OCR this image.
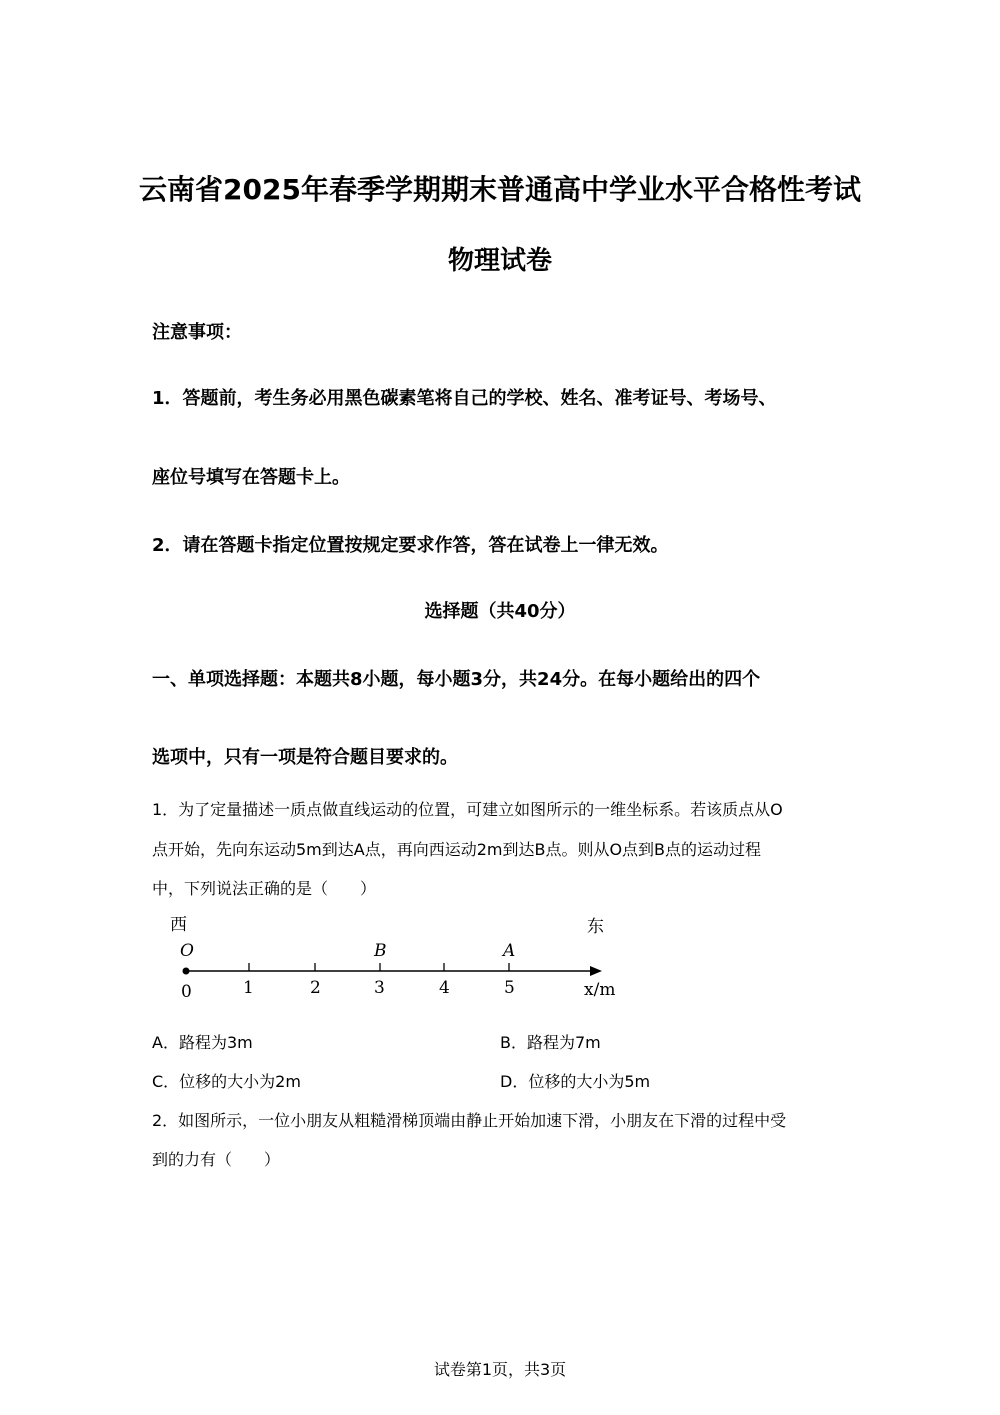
云南省2025年春季学期期末普通高中学业水平合格性考试
物理试卷
注意事项：
1．答题前，考生务必用黑色碳素笔将自己的学校、姓名、准考证号、考场号、
座位号填写在答题卡上。
2．请在答题卡指定位置按规定要求作答，答在试卷上一律无效。
选择题（共40分）
一、单项选择题：本题共8小题，每小题3分，共24分。在每小题给出的四个
选项中，只有一项是符合题目要求的。
1．为了定量描述一质点做直线运动的位置，可建立如图所示的一维坐标系。若该质点从O
点开始，先向东运动5m到达A点，再向西运动2m到达B点。则从O点到B点的运动过程
中，下列说法正确的是（　　）
西	东
O	B	A
0	1	2	3	4	5	x/m
A．路程为3m	B．路程为7m
C．位移的大小为2m	D．位移的大小为5m
2．如图所示，一位小朋友从粗糙滑梯顶端由静止开始加速下滑，小朋友在下滑的过程中受
到的力有（　　）
试卷第1页，共3页
